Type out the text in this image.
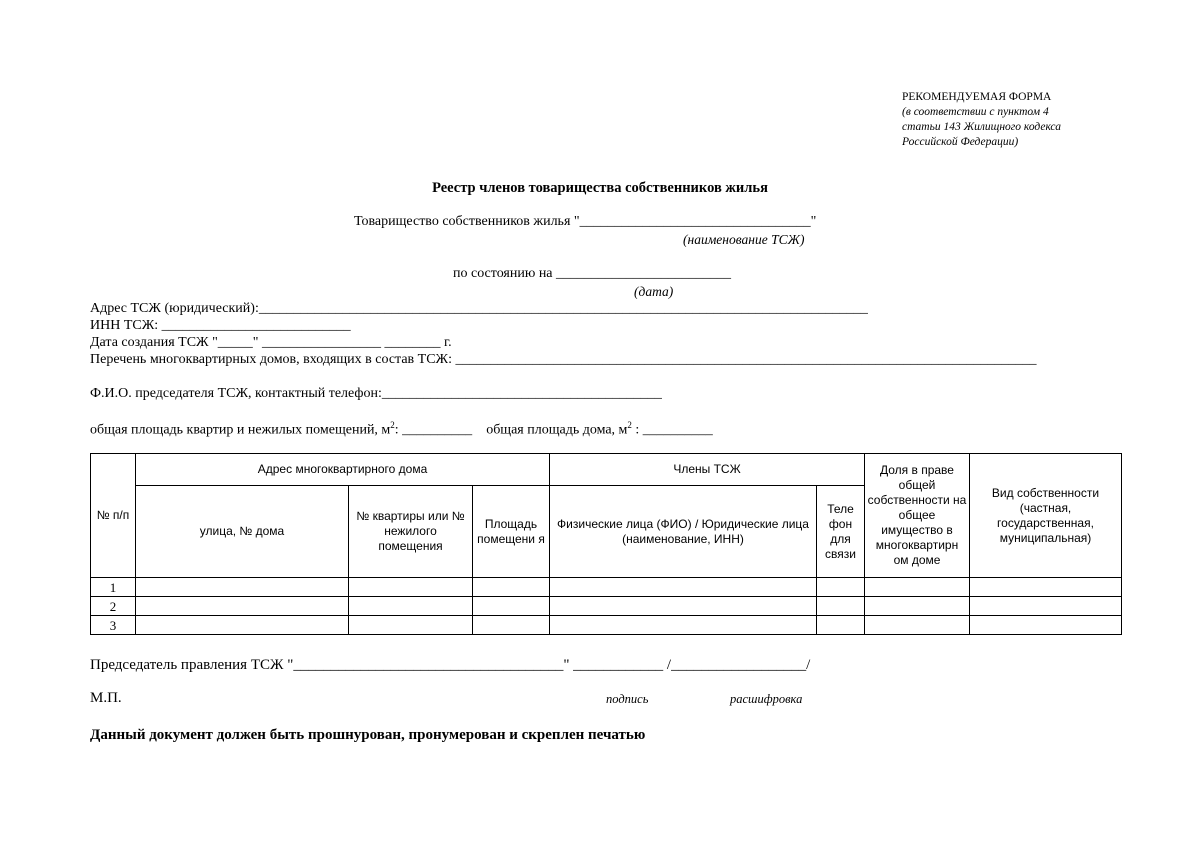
РЕКОМЕНДУЕМАЯ ФОРМА
(в соответствии с пунктом 4
статьи 143 Жилищного кодекса
Российской Федерации)
Реестр членов товарищества собственников жилья
Товарищество собственников жилья "_________________________________"
(наименование ТСЖ)
по состоянию на _________________________
(дата)
Адрес ТСЖ (юридический):_______________________________________________________________________________________
ИНН ТСЖ: ___________________________
Дата создания ТСЖ "_____" _________________ ________ г.
Перечень многоквартирных домов, входящих в состав ТСЖ: ___________________________________________________________________________________
Ф.И.О. председателя ТСЖ, контактный телефон:________________________________________
общая площадь квартир и нежилых помещений, $м^2$: __________ общая площадь дома, $м^2$ : __________
№ п/п	Адрес многоквартирного дома			Члены ТСЖ		Доля в праве общей собственности на общее имущество в многоквартирн ом доме	Вид собственности (частная, государственная, муниципальная)
	улица, № дома	№ квартиры или № нежилого помещения	Площадь помещени я	Физические лица (ФИО) / Юридические лица (наименование, ИНН)	Теле фон для связи		
1							
2							
3							
Председатель правления ТСЖ "____________________________________" ____________ /__________________/
М.П.	подпись	расшифровка
Данный документ должен быть прошнурован, пронумерован и скреплен печатью
